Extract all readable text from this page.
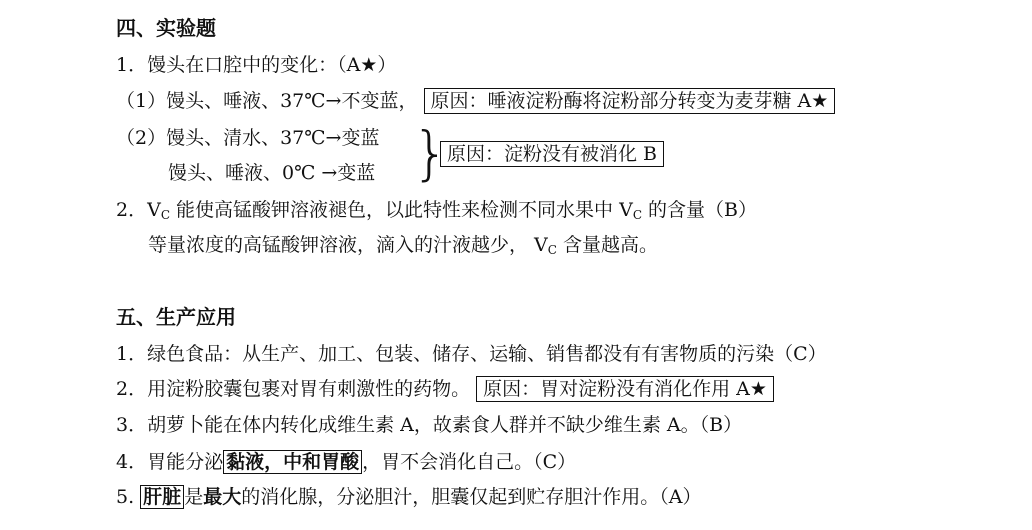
四、实验题
1．馒头在口腔中的变化：（A★）
（1）馒头、唾液、37℃→不变蓝， 原因：唾液淀粉酶将淀粉部分转变为麦芽糖 A★
（2）馒头、清水、37℃→变蓝
馒头、唾液、0℃ →变蓝 }
原因：淀粉没有被消化 B
2．$V_C$ 能使高锰酸钾溶液褪色，以此特性来检测不同水果中 $V_C$ 的含量（B）
等量浓度的高锰酸钾溶液，滴入的汁液越少， $V_C$ 含量越高。
五、生产应用
1．绿色食品：从生产、加工、包装、储存、运输、销售都没有有害物质的污染（C）
2．用淀粉胶囊包裹对胃有刺激性的药物。 原因：胃对淀粉没有消化作用 A★
3．胡萝卜能在体内转化成维生素 A，故素食人群并不缺少维生素 A。（B）
4．胃能分泌 黏液，中和胃酸 ，胃不会消化自己。（C）
5. 肝脏 是最大的消化腺，分泌胆汁，胆囊仅起到贮存胆汁作用。（A）
